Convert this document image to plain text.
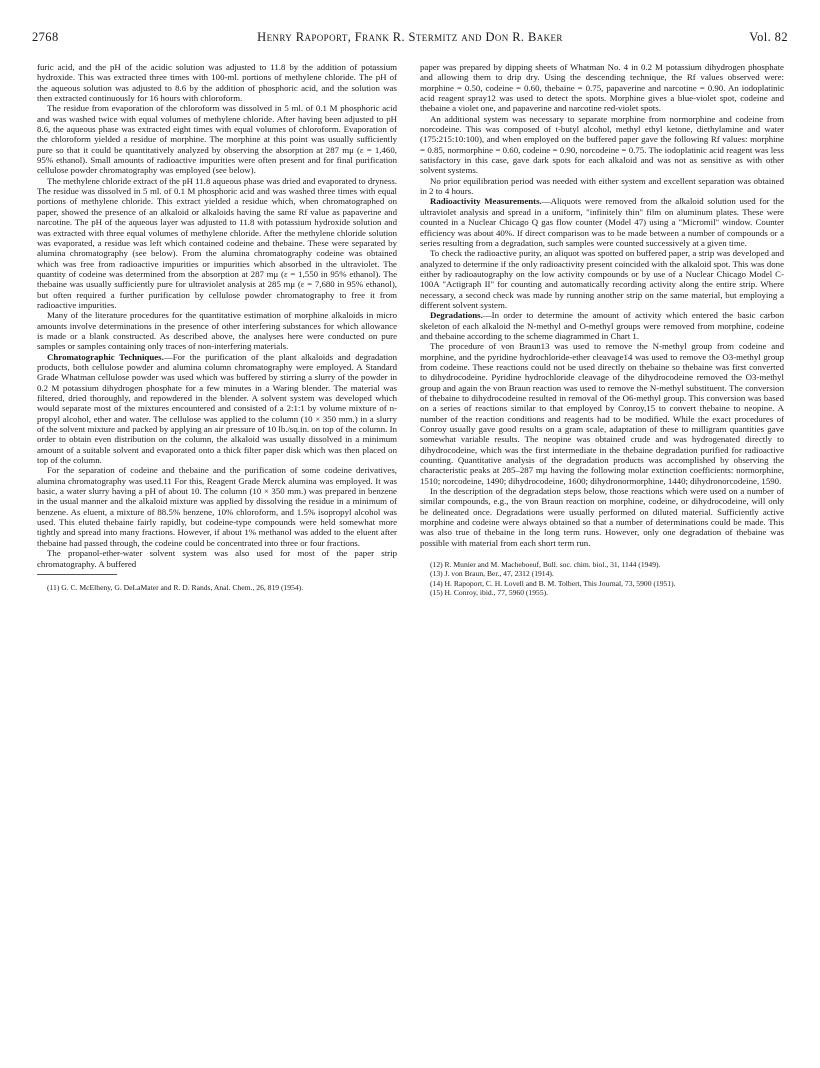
2768	Henry Rapoport, Frank R. Stermitz and Don R. Baker	Vol. 82

furic acid, and the pH of the acidic solution was adjusted to 11.8 by the addition of potassium hydroxide. This was extracted three times with 100-ml. portions of methylene chloride. The pH of the aqueous solution was adjusted to 8.6 by the addition of phosphoric acid, and the solution was then extracted continuously for 16 hours with chloroform.

The residue from evaporation of the chloroform was dissolved in 5 ml. of 0.1 M phosphoric acid and was washed twice with equal volumes of methylene chloride. After having been adjusted to pH 8.6, the aqueous phase was extracted eight times with equal volumes of chloroform. Evaporation of the chloroform yielded a residue of morphine. The morphine at this point was usually sufficiently pure so that it could be quantitatively analyzed by observing the absorption at 287 mμ (ε = 1,460, 95% ethanol). Small amounts of radioactive impurities were often present and for final purification cellulose powder chromatography was employed (see below).

The methylene chloride extract of the pH 11.8 aqueous phase was dried and evaporated to dryness. The residue was dissolved in 5 ml. of 0.1 M phosphoric acid and was washed three times with equal portions of methylene chloride. This extract yielded a residue which, when chromatographed on paper, showed the presence of an alkaloid or alkaloids having the same Rf value as papaverine and narcotine. The pH of the aqueous layer was adjusted to 11.8 with potassium hydroxide solution and was extracted with three equal volumes of methylene chloride. After the methylene chloride solution was evaporated, a residue was left which contained codeine and thebaine. These were separated by alumina chromatography (see below). From the alumina chromatography codeine was obtained which was free from radioactive impurities or impurities which absorbed in the ultraviolet. The quantity of codeine was determined from the absorption at 287 mμ (ε = 1,550 in 95% ethanol). The thebaine was usually sufficiently pure for ultraviolet analysis at 285 mμ (ε = 7,680 in 95% ethanol), but often required a further purification by cellulose powder chromatography to free it from radioactive impurities.

Many of the literature procedures for the quantitative estimation of morphine alkaloids in micro amounts involve determinations in the presence of other interfering substances for which allowance is made or a blank constructed. As described above, the analyses here were conducted on pure samples or samples containing only traces of non-interfering materials.

Chromatographic Techniques.—For the purification of the plant alkaloids and degradation products, both cellulose powder and alumina column chromatography were employed. A Standard Grade Whatman cellulose powder was used which was buffered by stirring a slurry of the powder in 0.2 M potassium dihydrogen phosphate for a few minutes in a Waring blender. The material was filtered, dried thoroughly, and repowdered in the blender. A solvent system was developed which would separate most of the mixtures encountered and consisted of a 2:1:1 by volume mixture of n-propyl alcohol, ether and water. The cellulose was applied to the column (10 × 350 mm.) in a slurry of the solvent mixture and packed by applying an air pressure of 10 lb./sq.in. on top of the column. In order to obtain even distribution on the column, the alkaloid was usually dissolved in a minimum amount of a suitable solvent and evaporated onto a thick filter paper disk which was then placed on top of the column.

For the separation of codeine and thebaine and the purification of some codeine derivatives, alumina chromatography was used.11 For this, Reagent Grade Merck alumina was employed. It was basic, a water slurry having a pH of about 10. The column (10 × 350 mm.) was prepared in benzene in the usual manner and the alkaloid mixture was applied by dissolving the residue in a minimum of benzene. As eluent, a mixture of 88.5% benzene, 10% chloroform, and 1.5% isopropyl alcohol was used. This eluted thebaine fairly rapidly, but codeine-type compounds were held somewhat more tightly and spread into many fractions. However, if about 1% methanol was added to the eluent after thebaine had passed through, the codeine could be concentrated into three or four fractions.

The propanol-ether-water solvent system was also used for most of the paper strip chromatography. A buffered

(11) G. C. McElheny, G. DeLaMater and R. D. Rands, Anal. Chem., 26, 819 (1954).

paper was prepared by dipping sheets of Whatman No. 4 in 0.2 M potassium dihydrogen phosphate and allowing them to drip dry. Using the descending technique, the Rf values observed were: morphine = 0.50, codeine = 0.60, thebaine = 0.75, papaverine and narcotine = 0.90. An iodoplatinic acid reagent spray12 was used to detect the spots. Morphine gives a blue-violet spot, codeine and thebaine a violet one, and papaverine and narcotine red-violet spots.

An additional system was necessary to separate morphine from normorphine and codeine from norcodeine. This was composed of t-butyl alcohol, methyl ethyl ketone, diethylamine and water (175:215:10:100), and when employed on the buffered paper gave the following Rf values: morphine = 0.85, normorphine = 0.60, codeine = 0.90, norcodeine = 0.75. The iodoplatinic acid reagent was less satisfactory in this case, gave dark spots for each alkaloid and was not as sensitive as with other solvent systems.

No prior equilibration period was needed with either system and excellent separation was obtained in 2 to 4 hours.

Radioactivity Measurements.—Aliquots were removed from the alkaloid solution used for the ultraviolet analysis and spread in a uniform, "infinitely thin" film on aluminum plates. These were counted in a Nuclear Chicago Q gas flow counter (Model 47) using a "Micromil" window. Counter efficiency was about 40%. If direct comparison was to be made between a number of compounds or a series resulting from a degradation, such samples were counted successively at a given time.

To check the radioactive purity, an aliquot was spotted on buffered paper, a strip was developed and analyzed to determine if the only radioactivity present coincided with the alkaloid spot. This was done either by radioautography on the low activity compounds or by use of a Nuclear Chicago Model C-100A "Actigraph II" for counting and automatically recording activity along the entire strip. Where necessary, a second check was made by running another strip on the same material, but employing a different solvent system.

Degradations.—In order to determine the amount of activity which entered the basic carbon skeleton of each alkaloid the N-methyl and O-methyl groups were removed from morphine, codeine and thebaine according to the scheme diagrammed in Chart 1.

The procedure of von Braun13 was used to remove the N-methyl group from codeine and morphine, and the pyridine hydrochloride-ether cleavage14 was used to remove the O3-methyl group from codeine. These reactions could not be used directly on thebaine so thebaine was first converted to dihydrocodeine. Pyridine hydrochloride cleavage of the dihydrocodeine removed the O3-methyl group and again the von Braun reaction was used to remove the N-methyl substituent. The conversion of thebaine to dihydrocodeine resulted in removal of the O6-methyl group. This conversion was based on a series of reactions similar to that employed by Conroy,15 to convert thebaine to neopine. A number of the reaction conditions and reagents had to be modified. While the exact procedures of Conroy usually gave good results on a gram scale, adaptation of these to milligram quantities gave somewhat variable results. The neopine was obtained crude and was hydrogenated directly to dihydrocodeine, which was the first intermediate in the thebaine degradation purified for radioactive counting. Quantitative analysis of the degradation products was accomplished by observing the characteristic peaks at 285–287 mμ having the following molar extinction coefficients: normorphine, 1510; norcodeine, 1490; dihydrocodeine, 1600; dihydronormorphine, 1440; dihydronorcodeine, 1590.

In the description of the degradation steps below, those reactions which were used on a number of similar compounds, e.g., the von Braun reaction on morphine, codeine, or dihydrocodeine, will only be delineated once. Degradations were usually performed on diluted material. Sufficiently active morphine and codeine were always obtained so that a number of determinations could be made. This was also true of thebaine in the long term runs. However, only one degradation of thebaine was possible with material from each short term run.

(12) R. Munier and M. Macheboeuf, Bull. soc. chim. biol., 31, 1144 (1949).
(13) J. von Braun, Ber., 47, 2312 (1914).
(14) H. Rapoport, C. H. Lovell and B. M. Tolbert, This Journal, 73, 5900 (1951).
(15) H. Conroy, ibid., 77, 5960 (1955).
